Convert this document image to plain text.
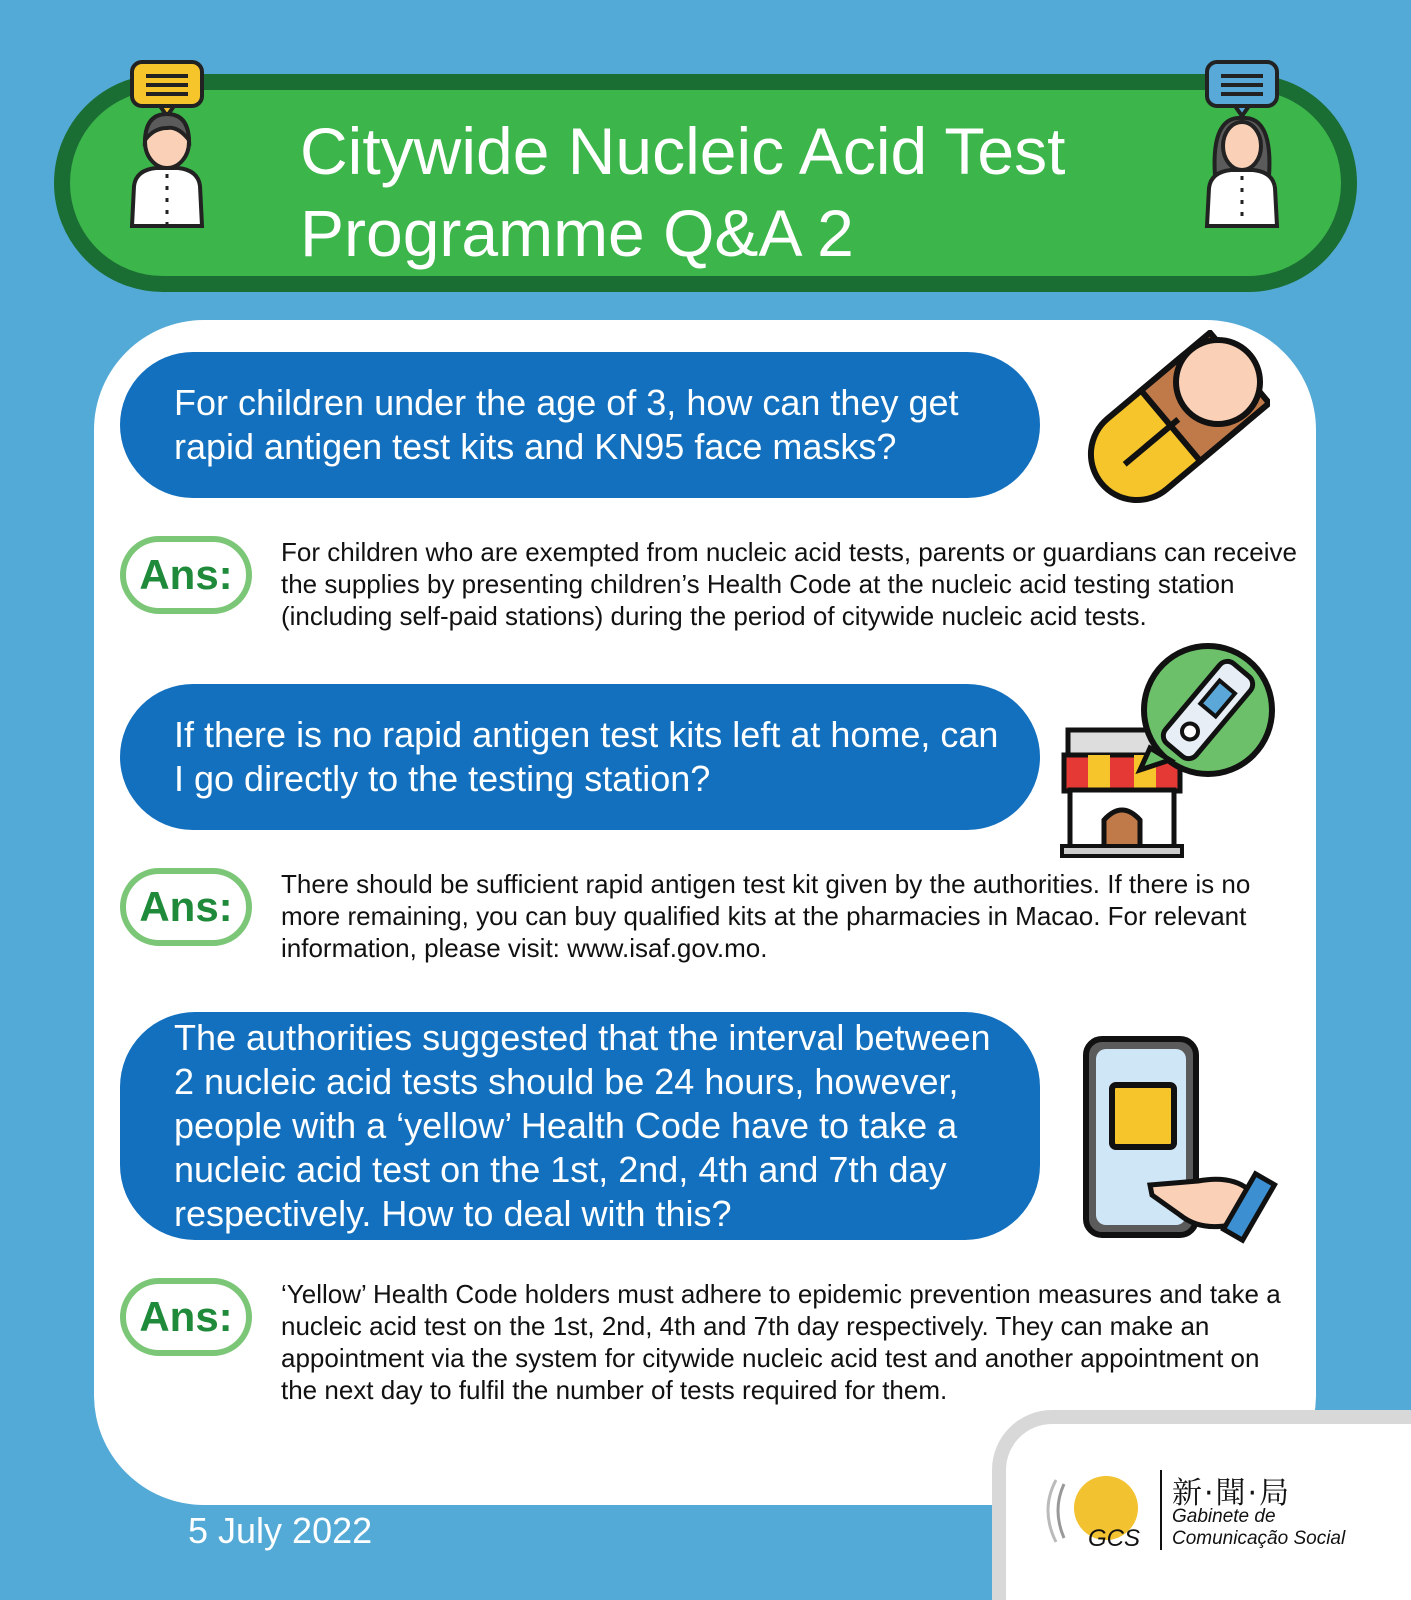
Citywide Nucleic Acid Test
Programme Q&A 2
For children under the age of 3, how can they get rapid antigen test kits and KN95 face masks?
Ans:	For children who are exempted from nucleic acid tests, parents or guardians can receive the supplies by presenting children’s Health Code at the nucleic acid testing station (including self-paid stations) during the period of citywide nucleic acid tests.
If there is no rapid antigen test kits left at home, can I go directly to the testing station?
Ans:	There should be sufficient rapid antigen test kit given by the authorities. If there is no more remaining, you can buy qualified kits at the pharmacies in Macao. For relevant information, please visit: www.isaf.gov.mo.
The authorities suggested that the interval between 2 nucleic acid tests should be 24 hours, however, people with a ‘yellow’ Health Code have to take a nucleic acid test on the 1st, 2nd, 4th and 7th day respectively. How to deal with this?
Ans:	‘Yellow’ Health Code holders must adhere to epidemic prevention measures and take a nucleic acid test on the 1st, 2nd, 4th and 7th day respectively. They can make an appointment via the system for citywide nucleic acid test and another appointment on the next day to fulfil the number of tests required for them.
5 July 2022	GCS
新·聞·局
Gabinete de
Comunicação Social
